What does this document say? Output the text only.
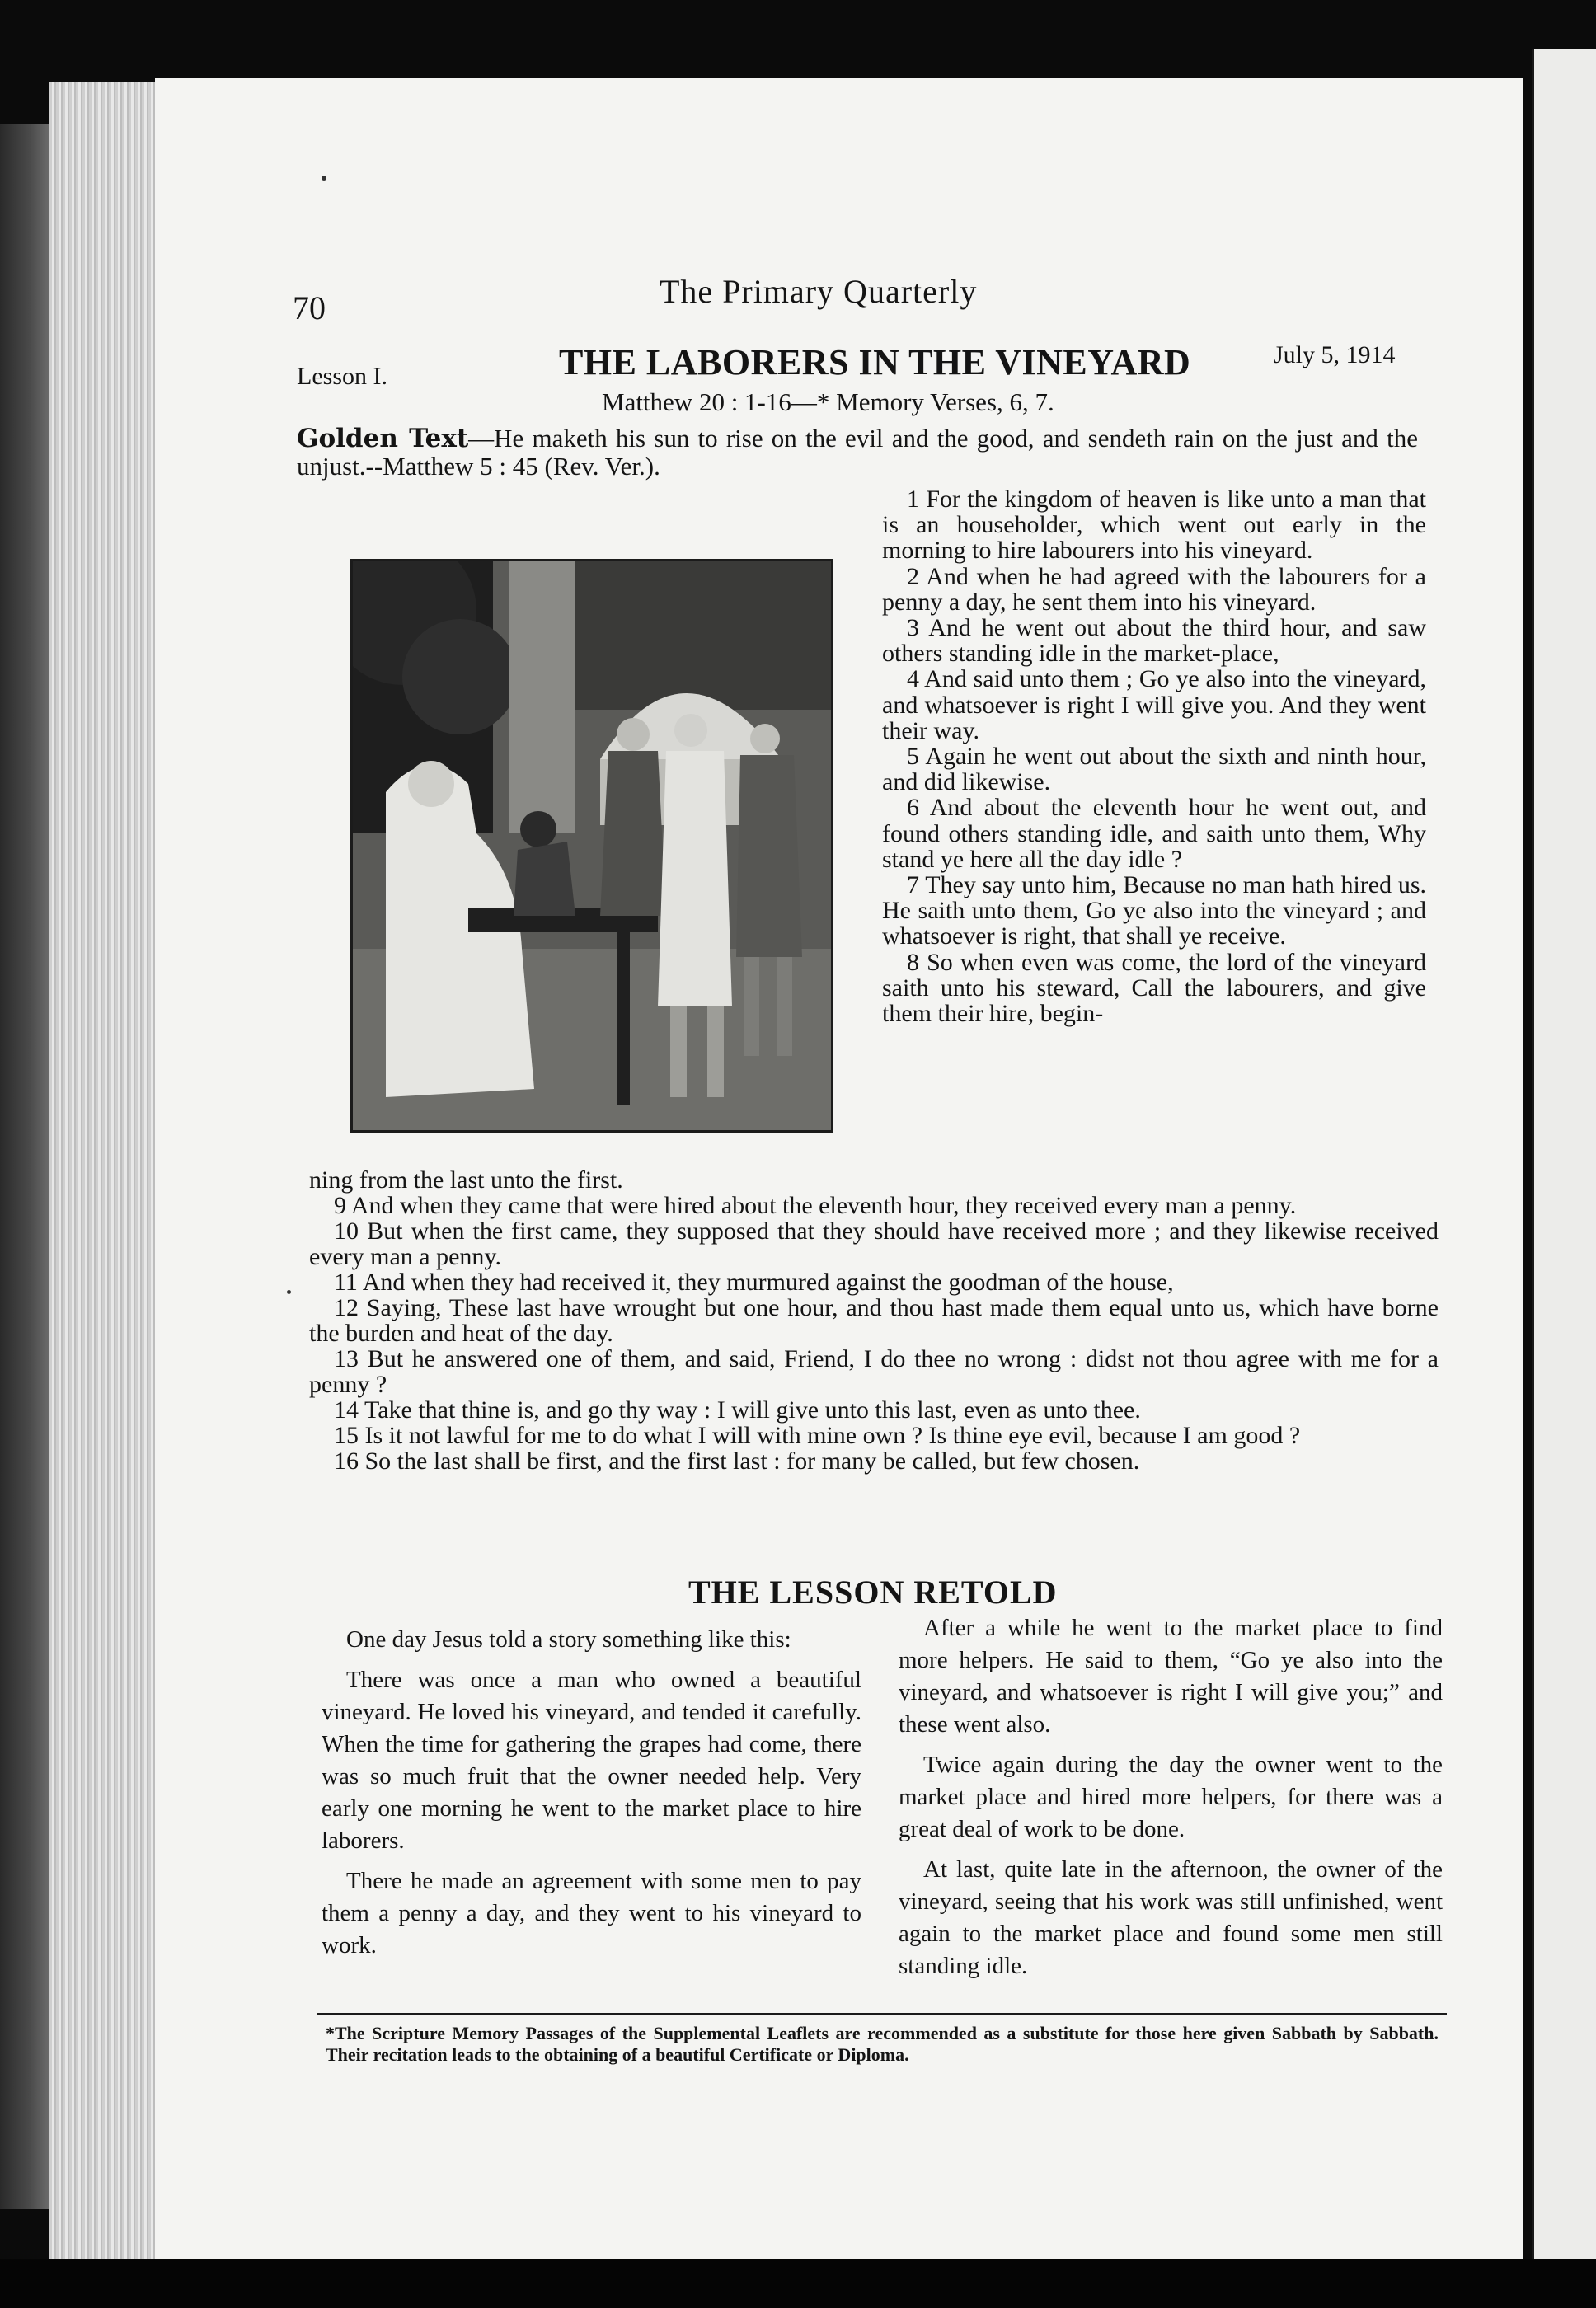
70	The Primary Quarterly
Lesson I.	THE LABORERS IN THE VINEYARD	July 5, 1914
Matthew 20 : 1-16—* Memory Verses, 6, 7.
Golden Text—He maketh his sun to rise on the evil and the good, and sendeth rain on the just and the unjust.--Matthew 5 : 45 (Rev. Ver.).

1 For the kingdom of heaven is like unto a man that is an householder, which went out early in the morning to hire labourers into his vineyard.

2 And when he had agreed with the labourers for a penny a day, he sent them into his vineyard.

3 And he went out about the third hour, and saw others standing idle in the market-place,

4 And said unto them ; Go ye also into the vineyard, and whatsoever is right I will give you. And they went their way.

5 Again he went out about the sixth and ninth hour, and did likewise.

6 And about the eleventh hour he went out, and found others standing idle, and saith unto them, Why stand ye here all the day idle ?

7 They say unto him, Because no man hath hired us. He saith unto them, Go ye also into the vineyard ; and whatsoever is right, that shall ye receive.

8 So when even was come, the lord of the vineyard saith unto his steward, Call the labourers, and give them their hire, begin-

ning from the last unto the first.

9 And when they came that were hired about the eleventh hour, they received every man a penny.

10 But when the first came, they supposed that they should have received more ; and they likewise received every man a penny.

11 And when they had received it, they murmured against the goodman of the house,

12 Saying, These last have wrought but one hour, and thou hast made them equal unto us, which have borne the burden and heat of the day.

13 But he answered one of them, and said, Friend, I do thee no wrong : didst not thou agree with me for a penny ?

14 Take that thine is, and go thy way : I will give unto this last, even as unto thee.

15 Is it not lawful for me to do what I will with mine own ? Is thine eye evil, because I am good ?

16 So the last shall be first, and the first last : for many be called, but few chosen.

THE LESSON RETOLD

One day Jesus told a story something like this:

There was once a man who owned a beautiful vineyard. He loved his vineyard, and tended it carefully. When the time for gathering the grapes had come, there was so much fruit that the owner needed help. Very early one morning he went to the market place to hire laborers.

There he made an agreement with some men to pay them a penny a day, and they went to his vineyard to work.

After a while he went to the market place to find more helpers. He said to them, “Go ye also into the vineyard, and whatsoever is right I will give you;” and these went also.

Twice again during the day the owner went to the market place and hired more helpers, for there was a great deal of work to be done.

At last, quite late in the afternoon, the owner of the vineyard, seeing that his work was still unfinished, went again to the market place and found some men still standing idle.

*The Scripture Memory Passages of the Supplemental Leaflets are recommended as a substitute for those here given Sabbath by Sabbath. Their recitation leads to the obtaining of a beautiful Certificate or Diploma.
